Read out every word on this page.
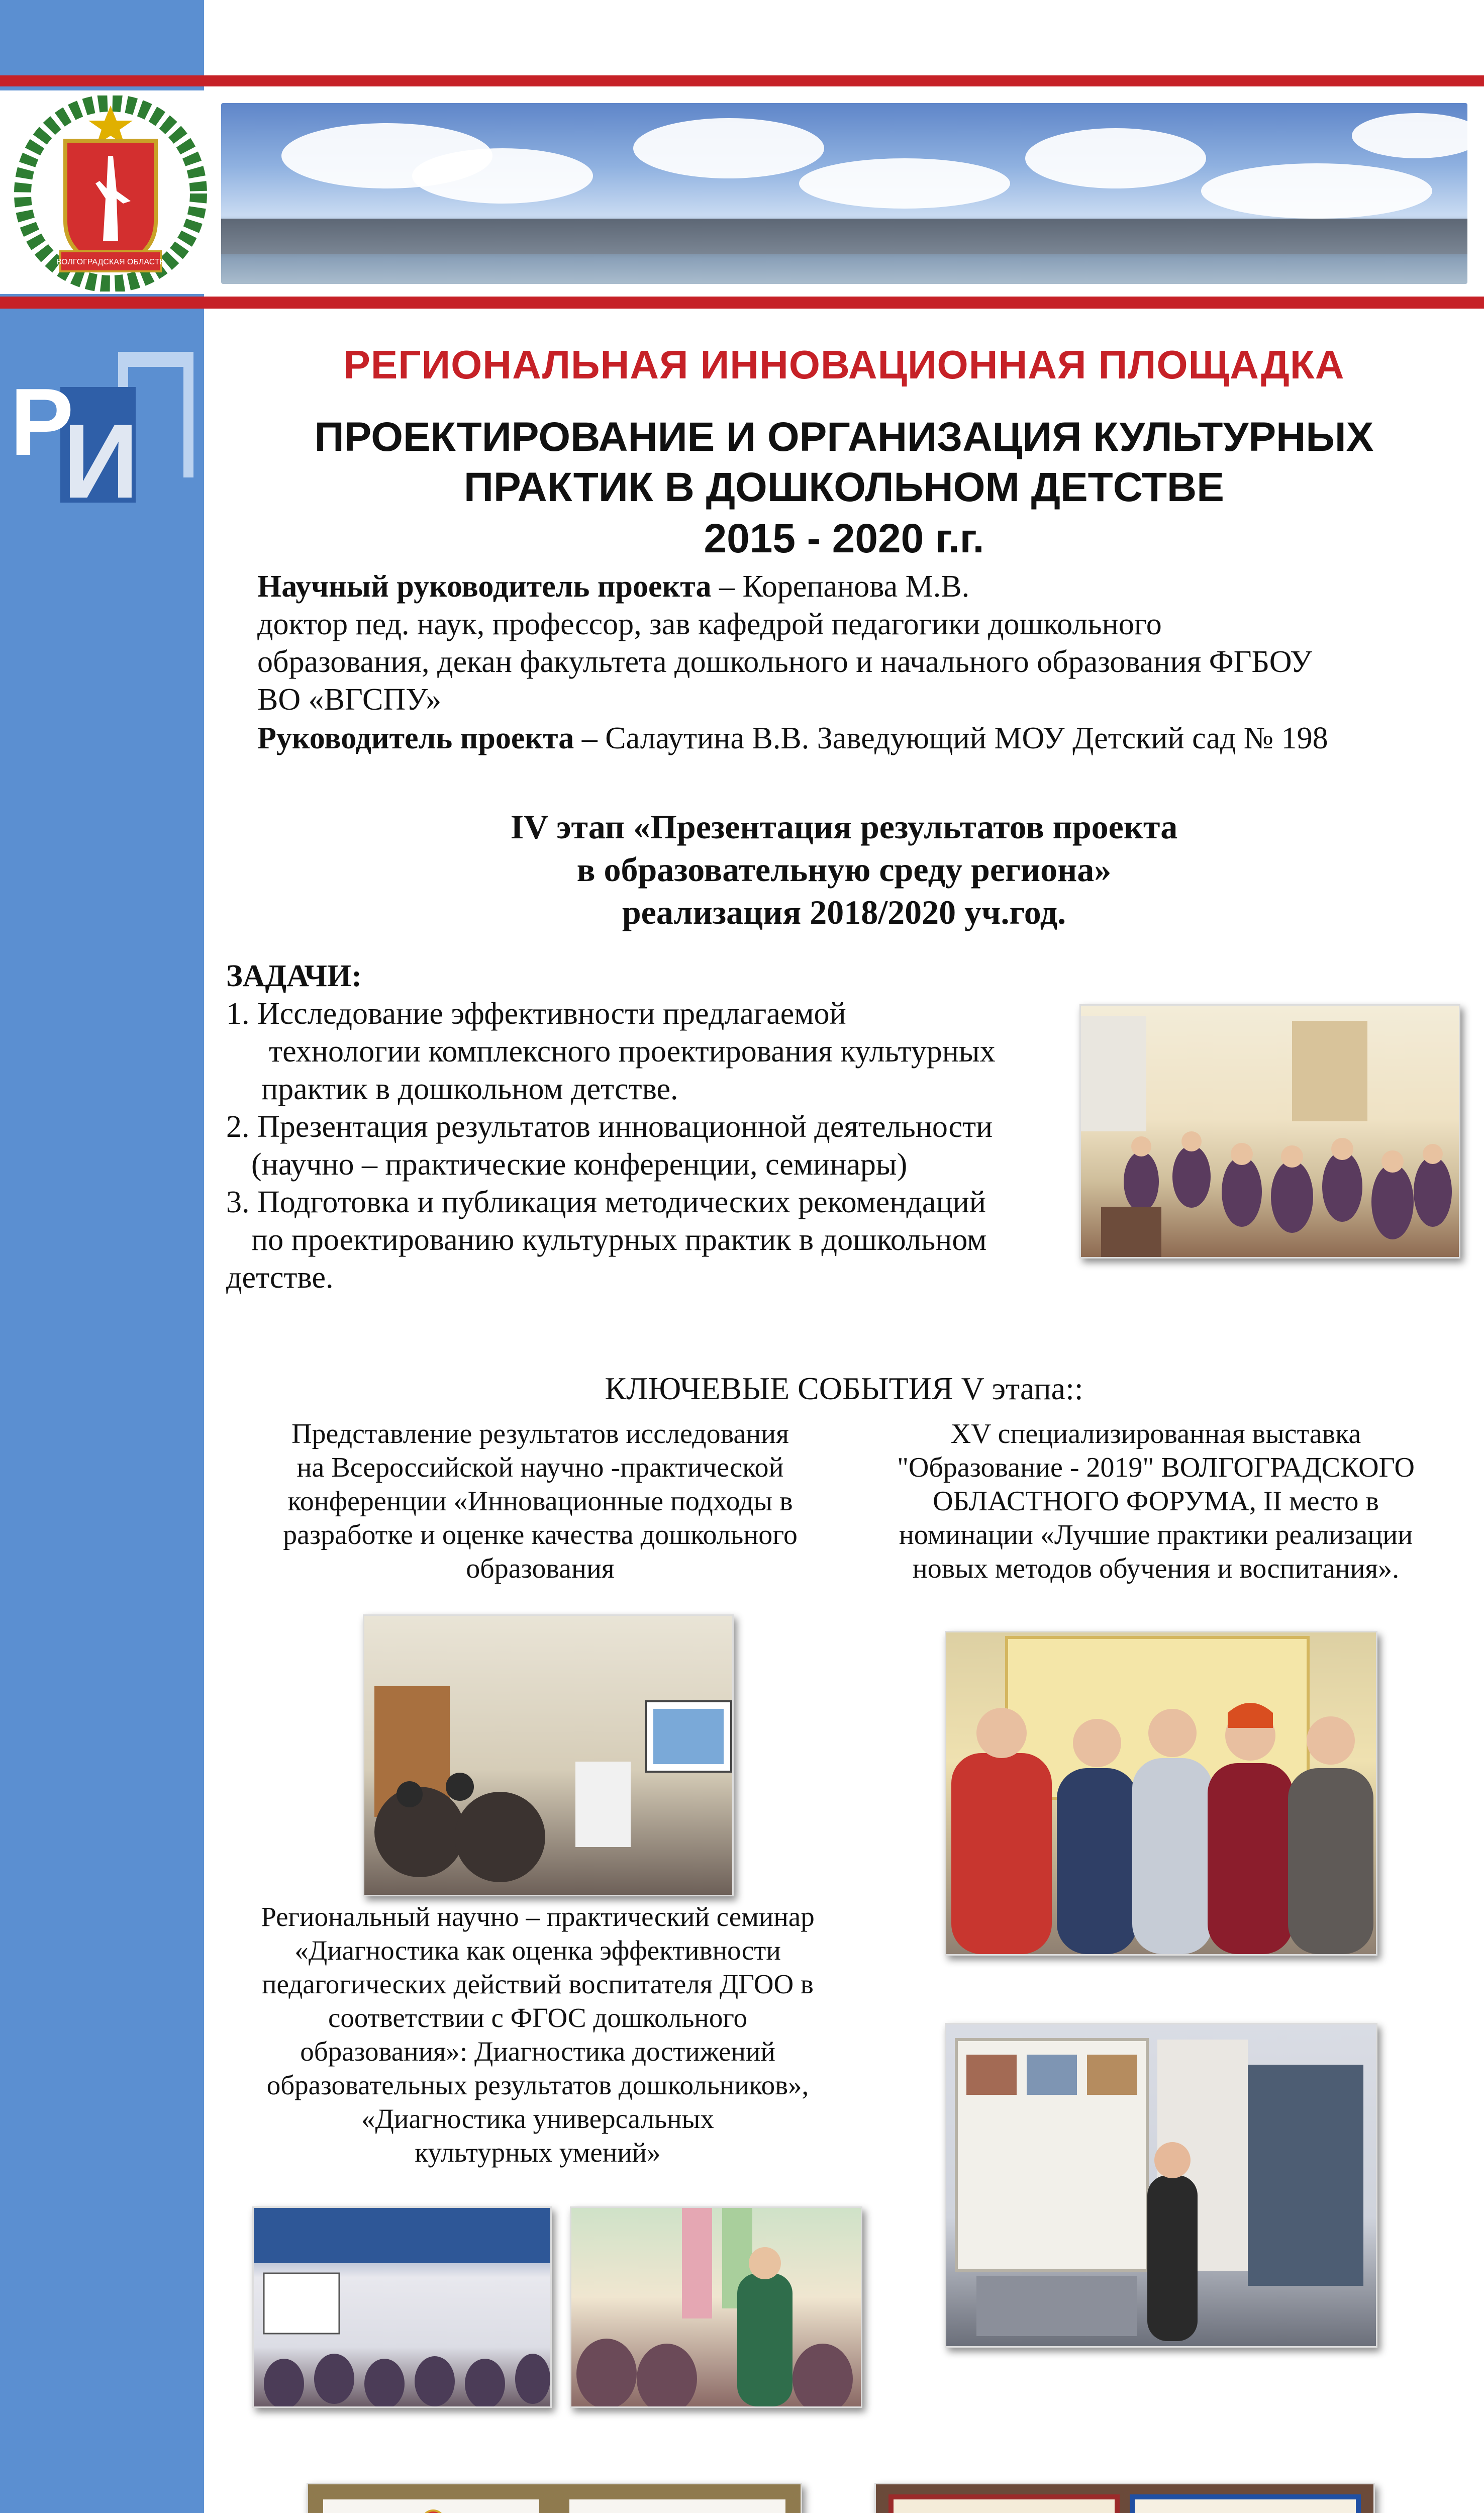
ВОЛГОГРАДСКАЯ ОБЛАСТЬ
Р
И
РИП	РЕГИОНАЛЬНАЯ ИННОВАЦИОННАЯ ПЛОЩАДКА
ПРОЕКТИРОВАНИЕ И ОРГАНИЗАЦИЯ КУЛЬТУРНЫХ
ПРАКТИК В ДОШКОЛЬНОМ ДЕТСТВЕ
2015 - 2020 г.г.
Научный руководитель проекта – Корепанова М.В.
доктор пед. наук, профессор, зав кафедрой педагогики дошкольного
образования, декан факультета дошкольного и начального образования ФГБОУ
ВО «ВГСПУ»
Руководитель проекта – Салаутина В.В. Заведующий МОУ Детский сад № 198
IV этап «Презентация результатов проекта
в образовательную среду региона»
реализация 2018/2020 уч.год.
ЗАДАЧИ:
1. Исследование эффективности предлагаемой
технологии комплексного проектирования культурных
практик в дошкольном детстве.
2. Презентация результатов инновационной деятельности
(научно – практические конференции, семинары)
3. Подготовка и публикация методических рекомендаций
по проектированию культурных практик в дошкольном
детстве.
КЛЮЧЕВЫЕ СОБЫТИЯ V этапа::
Представление результатов исследования
на Всероссийской научно -практической
конференции «Инновационные подходы в
разработке и оценке качества дошкольного
образования
XV специализированная выставка
"Образование - 2019" ВОЛГОГРАДСКОГО
ОБЛАСТНОГО ФОРУМА, II место в
номинации «Лучшие практики реализации
новых методов обучения и воспитания».
Региональный научно – практический семинар
«Диагностика как оценка эффективности
педагогических действий воспитателя ДГОО в
соответствии с ФГОС дошкольного
образования»: Диагностика достижений
образовательных результатов дошкольников»,
«Диагностика универсальных
культурных умений»
